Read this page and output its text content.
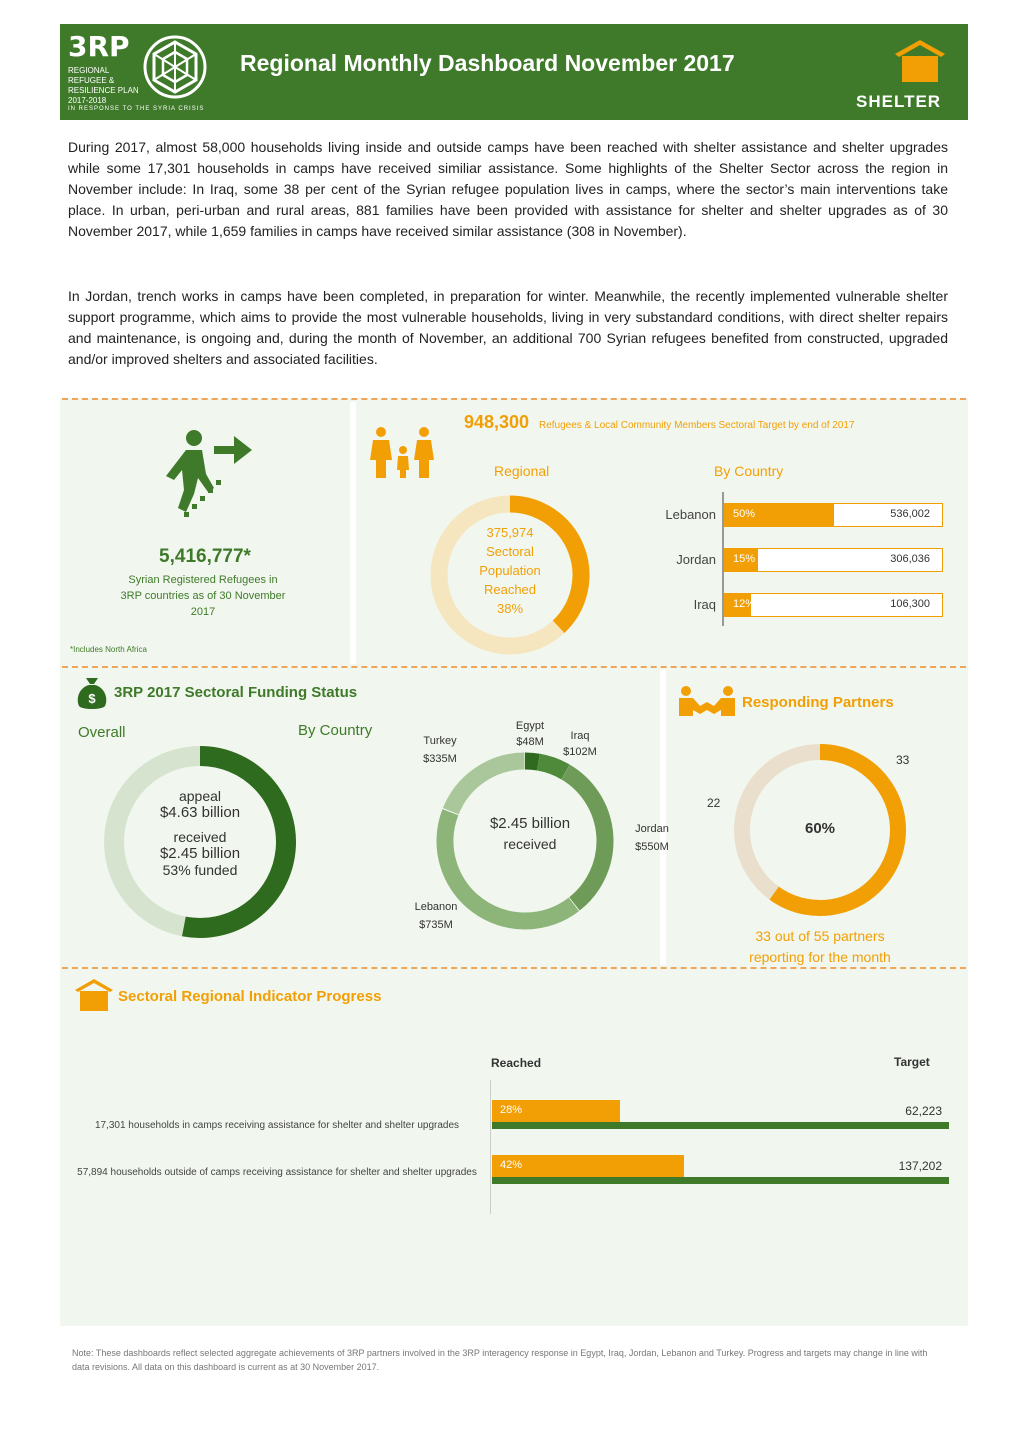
3RP
REGIONAL REFUGEE & RESILIENCE PLAN 2017-2018
IN RESPONSE TO THE SYRIA CRISIS
Regional Monthly Dashboard November 2017
SHELTER
During 2017, almost 58,000 households living inside and outside camps have been reached with shelter assistance and shelter upgrades while some 17,301 households in camps have received similiar assistance. Some highlights of the Shelter Sector across the region in November include: In Iraq, some 38 per cent of the Syrian refugee population lives in camps, where the sector’s main interventions take place. In urban, peri-urban and rural areas, 881 families have been provided with assistance for shelter and shelter upgrades as of 30 November 2017, while 1,659 families in camps have received similar assistance (308 in November).
In Jordan, trench works in camps have been completed, in preparation for winter. Meanwhile, the recently implemented vulnerable shelter support programme, which aims to provide the most vulnerable households, living in very substandard conditions, with direct shelter repairs and maintenance, is ongoing and, during the month of November, an additional 700 Syrian refugees benefited from constructed, upgraded and/or improved shelters and associated facilities.
5,416,777*
Syrian Registered Refugees in 3RP countries as of 30 November 2017
*Includes North Africa
948,300 Refugees & Local Community Members Sectoral Target by end of 2017
Regional	By Country
375,974
Sectoral
Population
Reached
38%
Lebanon 50%	536,002
Jordan 15%	306,036
Iraq 12%	106,300
$ 3RP 2017 Sectoral Funding Status
Overall	By Country
appeal
$4.63 billion
received
$2.45 billion
53% funded
$2.45 billion
received
Egypt
$48M	Iraq
$102M
Jordan
$550M
Lebanon
$735M
Turkey
$335M
Responding Partners
60%
33
22
33 out of 55 partners
reporting for the month
Sectoral Regional Indicator Progress
Reached	Target
17,301 households in camps receiving assistance for shelter and shelter upgrades
28%	62,223
57,894 households outside of camps receiving assistance for shelter and shelter upgrades
42%	137,202
Note: These dashboards reflect selected aggregate achievements of 3RP partners involved in the 3RP interagency response in Egypt, Iraq, Jordan, Lebanon and Turkey. Progress and targets may change in line with data revisions. All data on this dashboard is current as at 30 November 2017.
